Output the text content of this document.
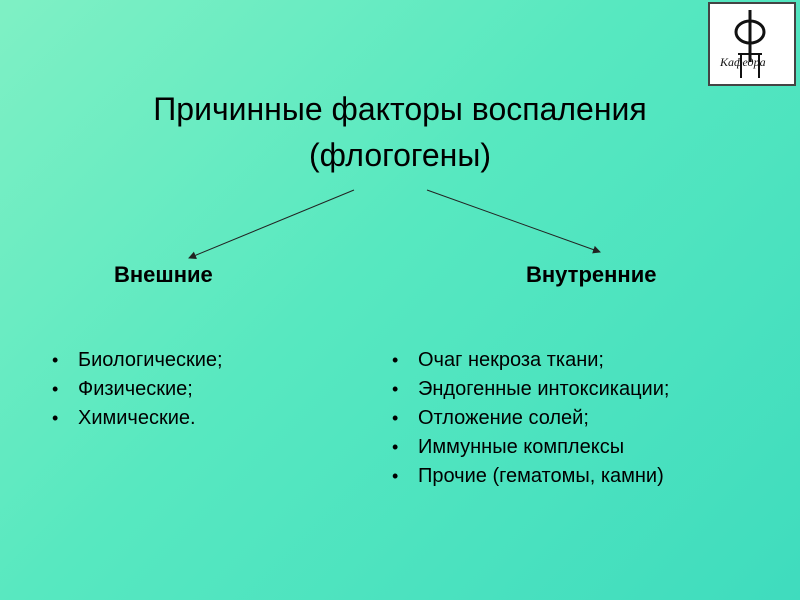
Кафедра
Причинные факторы воспаления
(флогогены)
Внешние	Внутренние
• Биологические;
• Физические;
• Химические.
• Очаг некроза ткани;
• Эндогенные интоксикации;
• Отложение солей;
• Иммунные комплексы
• Прочие (гематомы, камни)
